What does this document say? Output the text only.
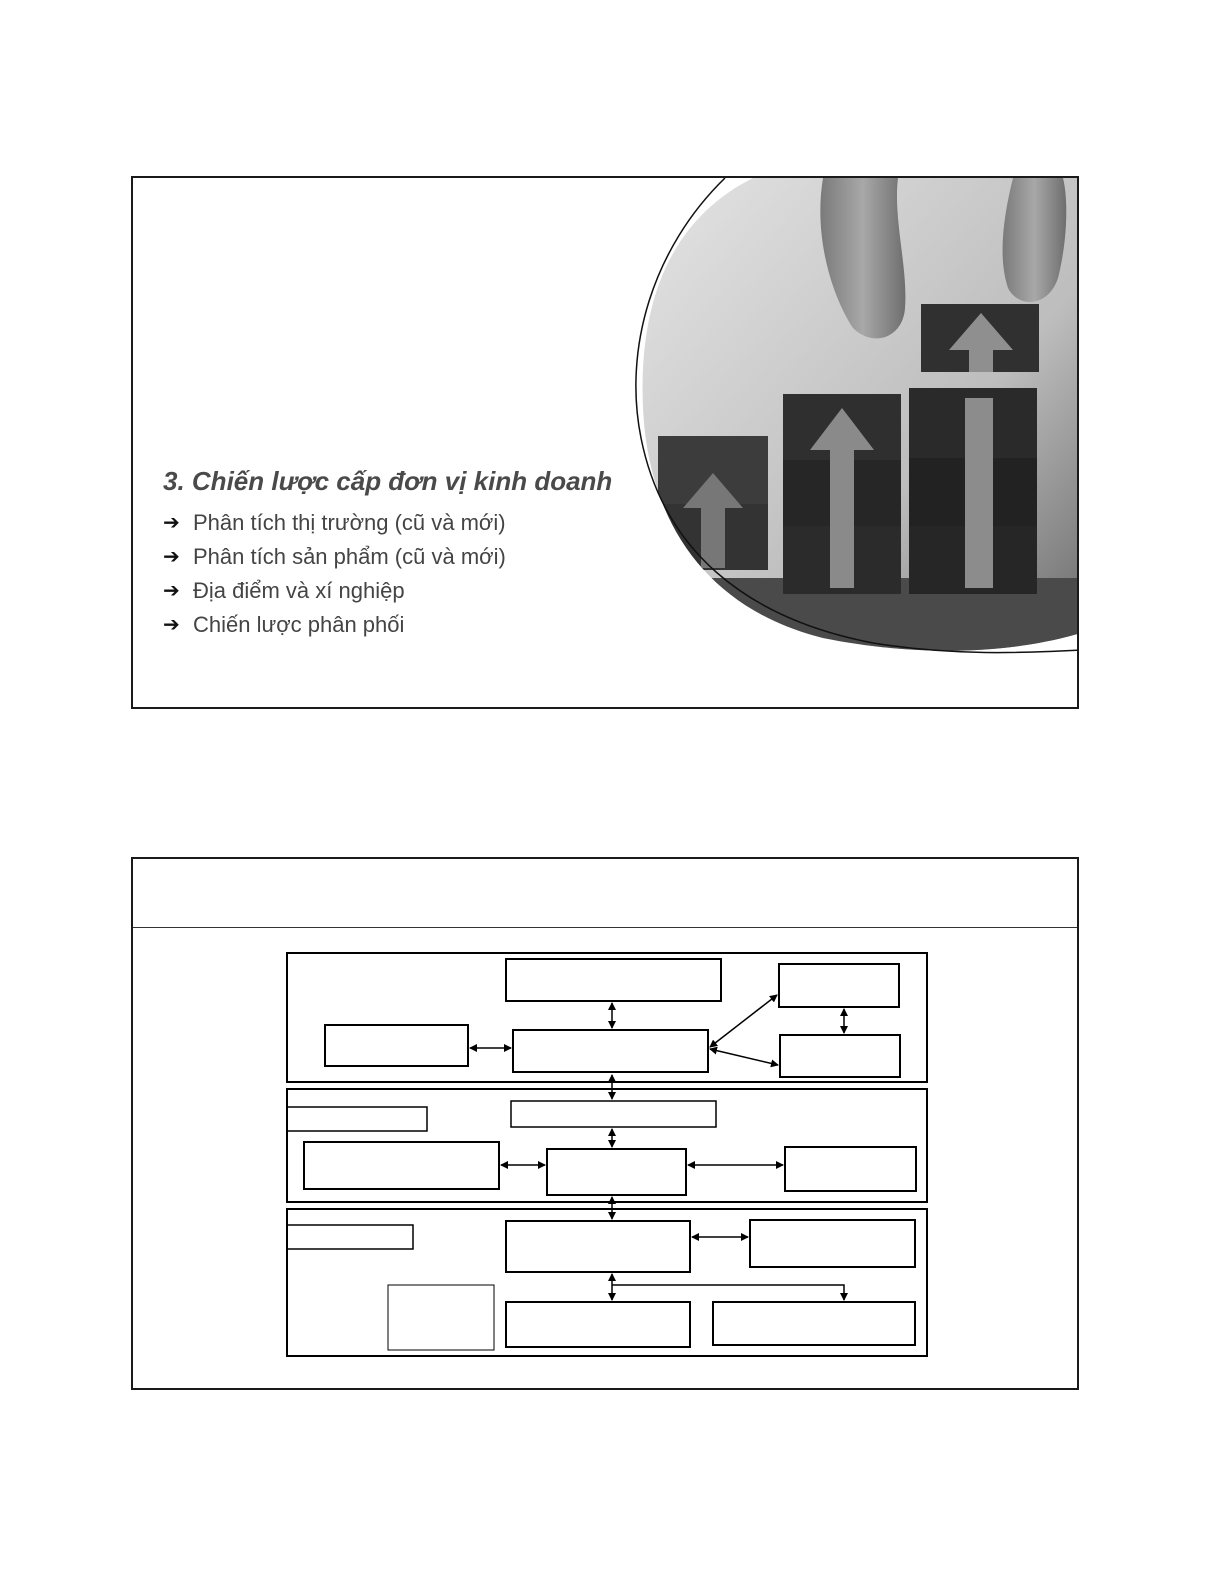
3. Chiến lược cấp đơn vị kinh doanh
➔ Phân tích thị trường (cũ và mới)
➔ Phân tích sản phẩm (cũ và mới)
➔ Địa điểm và xí nghiệp
➔ Chiến lược phân phối
